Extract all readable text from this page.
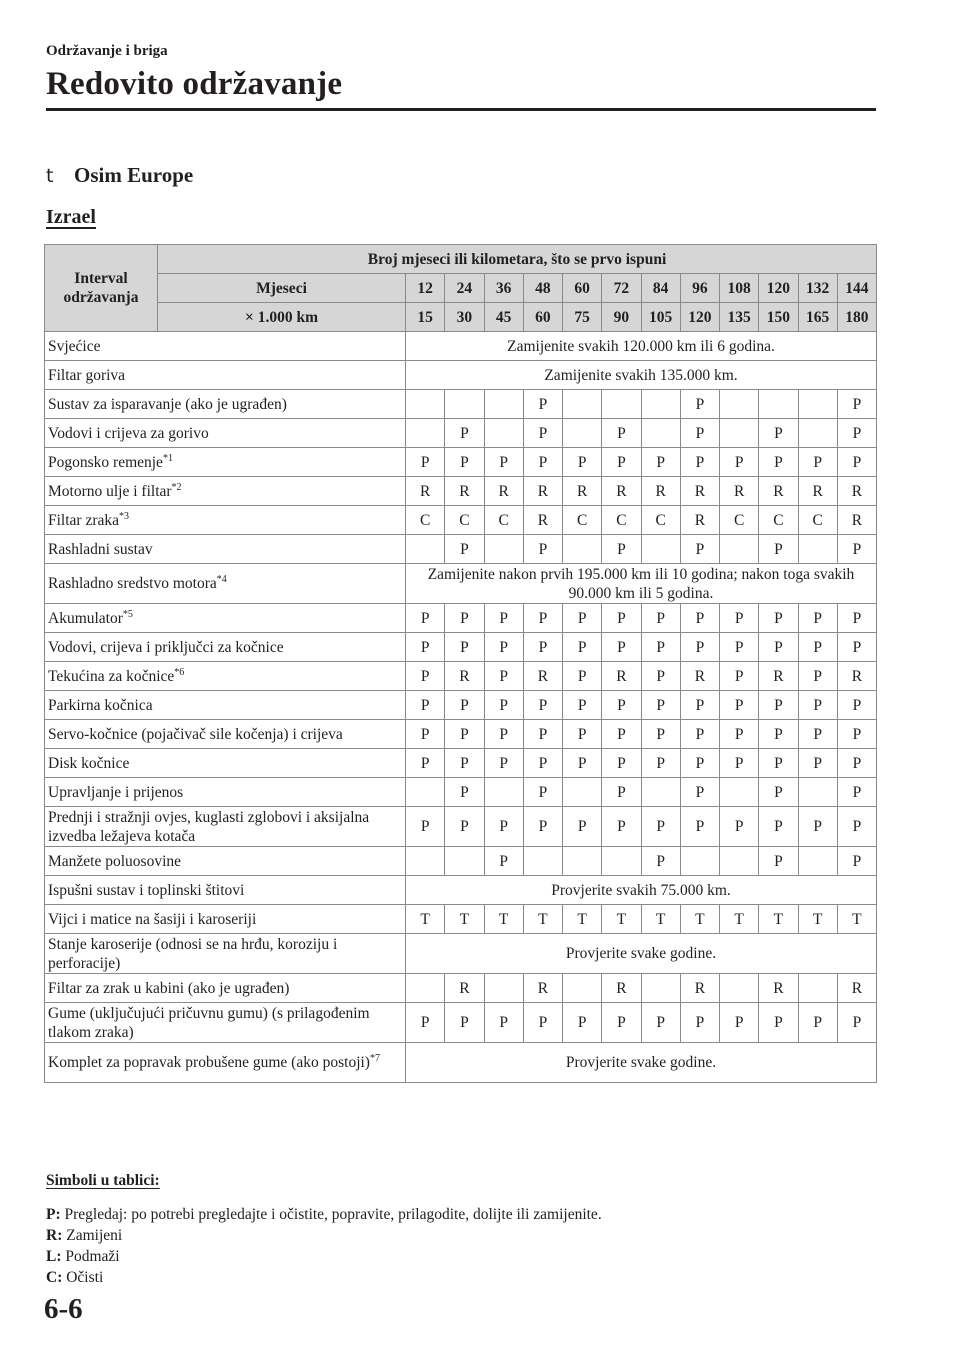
Održavanje i briga
Redovito održavanje
t Osim Europe
Izrael
Interval održavanja	Broj mjeseci ili kilometara, što se prvo ispuni												
	Mjeseci	12	24	36	48	60	72	84	96	108	120	132	144
	× 1.000 km	15	30	45	60	75	90	105	120	135	150	165	180
Svjećice		Zamijenite svakih 120.000 km ili 6 godina.											
Filtar goriva		Zamijenite svakih 135.000 km.											
Sustav za isparavanje (ako je ugrađen)					P				P				P
Vodovi i crijeva za gorivo			P		P		P		P		P		P
Pogonsko remenje$^{*1}$		P	P	P	P	P	P	P	P	P	P	P	P
Motorno ulje i filtar$^{*2}$		R	R	R	R	R	R	R	R	R	R	R	R
Filtar zraka$^{*3}$		C	C	C	R	C	C	C	R	C	C	C	R
Rashladni sustav			P		P		P		P		P		P
Rashladno sredstvo motora$^{*4}$		Zamijenite nakon prvih 195.000 km ili 10 godina; nakon toga svakih 90.000 km ili 5 godina.											
Akumulator$^{*5}$		P	P	P	P	P	P	P	P	P	P	P	P
Vodovi, crijeva i priključci za kočnice		P	P	P	P	P	P	P	P	P	P	P	P
Tekućina za kočnice$^{*6}$		P	R	P	R	P	R	P	R	P	R	P	R
Parkirna kočnica		P	P	P	P	P	P	P	P	P	P	P	P
Servo-kočnice (pojačivač sile kočenja) i crijeva		P	P	P	P	P	P	P	P	P	P	P	P
Disk kočnice		P	P	P	P	P	P	P	P	P	P	P	P
Upravljanje i prijenos			P		P		P		P		P		P
Prednji i stražnji ovjes, kuglasti zglobovi i aksijalna izvedba ležajeva kotača		P	P	P	P	P	P	P	P	P	P	P	P
Manžete poluosovine				P				P			P		P
Ispušni sustav i toplinski štitovi		Provjerite svakih 75.000 km.											
Vijci i matice na šasiji i karoseriji		T	T	T	T	T	T	T	T	T	T	T	T
Stanje karoserije (odnosi se na hrđu, koroziju i perforacije)		Provjerite svake godine.											
Filtar za zrak u kabini (ako je ugrađen)			R		R		R		R		R		R
Gume (uključujući pričuvnu gumu) (s prilagođenim tlakom zraka)		P	P	P	P	P	P	P	P	P	P	P	P
Komplet za popravak probušene gume (ako postoji)$^{*7}$		Provjerite svake godine.											
Simboli u tablici:
P: Pregledaj: po potrebi pregledajte i očistite, popravite, prilagodite, dolijte ili zamijenite.
R: Zamijeni
L: Podmaži
C: Očisti
6-6
